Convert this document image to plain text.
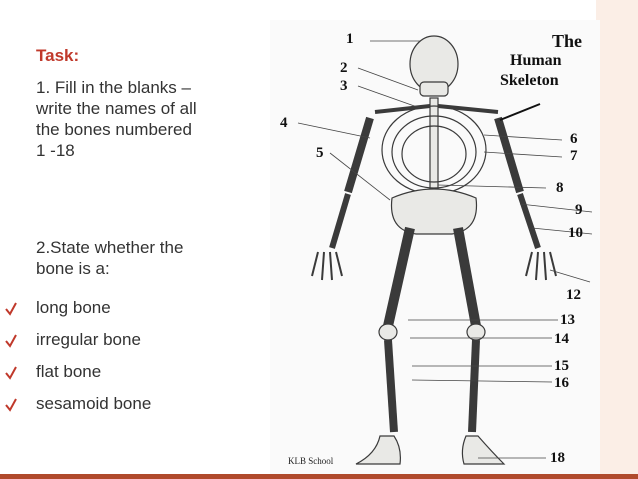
Task:
1. Fill in the blanks – write the names of all the bones numbered 1 -18
2.State whether the bone is a:
long bone
irregular bone
flat bone
sesamoid bone
The
Human
Skeleton
KLB School
1
2
3
4
5
6
7
8
9
10
12
13
14
15
16
18
